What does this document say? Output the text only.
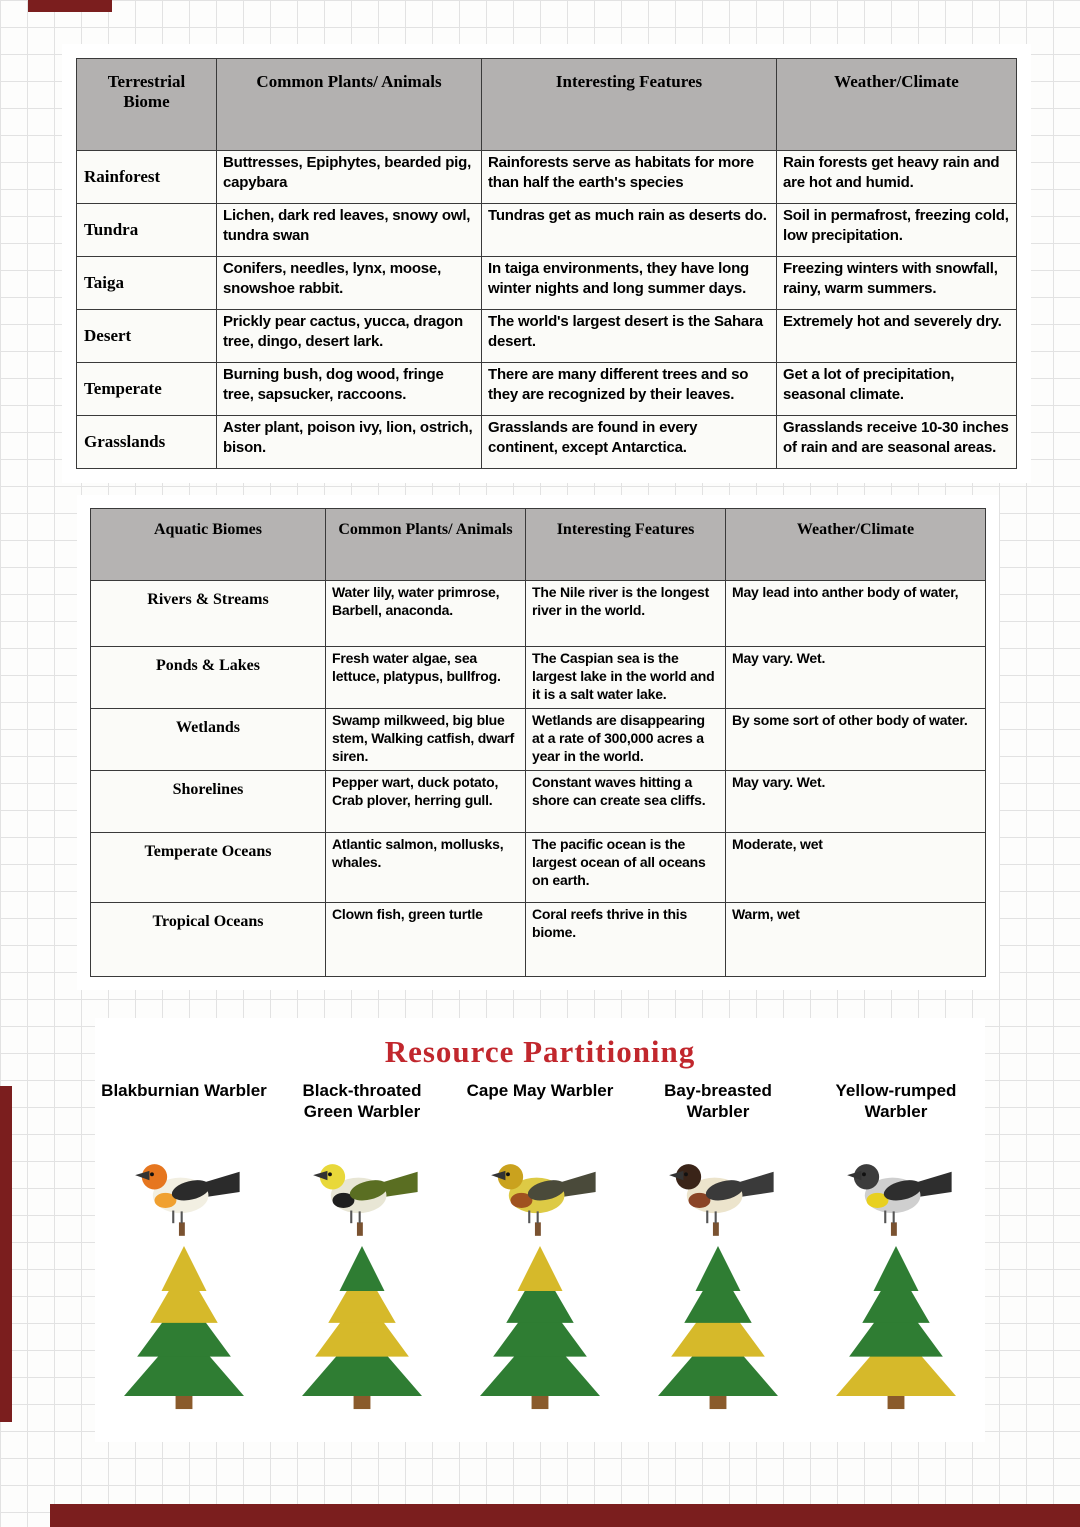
Terrestrial Biome	Common Plants/ Animals	Interesting Features	Weather/Climate
Rainforest	Buttresses, Epiphytes, bearded pig, capybara	Rainforests serve as habitats for more than half the earth's species	Rain forests get heavy rain and are hot and humid.
Tundra	Lichen, dark red leaves, snowy owl, tundra swan	Tundras get as much rain as deserts do.	Soil in permafrost, freezing cold, low precipitation.
Taiga	Conifers, needles, lynx, moose, snowshoe rabbit.	In taiga environments, they have long winter nights and long summer days.	Freezing winters with snowfall, rainy, warm summers.
Desert	Prickly pear cactus, yucca, dragon tree, dingo, desert lark.	The world's largest desert is the Sahara desert.	Extremely hot and severely dry.
Temperate	Burning bush, dog wood, fringe tree, sapsucker, raccoons.	There are many different trees and so they are recognized by their leaves.	Get a lot of precipitation, seasonal climate.
Grasslands	Aster plant, poison ivy, lion, ostrich, bison.	Grasslands are found in every continent, except Antarctica.	Grasslands receive 10-30 inches of rain and are seasonal areas.
Aquatic Biomes	Common Plants/ Animals	Interesting Features	Weather/Climate
Rivers & Streams	Water lily, water primrose, Barbell, anaconda.	The Nile river is the longest river in the world.	May lead into anther body of water,
Ponds & Lakes	Fresh water algae, sea lettuce, platypus, bullfrog.	The Caspian sea is the largest lake in the world and it is a salt water lake.	May vary. Wet.
Wetlands	Swamp milkweed, big blue stem, Walking catfish, dwarf siren.	Wetlands are disappearing at a rate of 300,000 acres a year in the world.	By some sort of other body of water.
Shorelines	Pepper wart, duck potato, Crab plover, herring gull.	Constant waves hitting a shore can create sea cliffs.	May vary. Wet.
Temperate Oceans	Atlantic salmon, mollusks, whales.	The pacific ocean is the largest ocean of all oceans on earth.	Moderate, wet
Tropical Oceans	Clown fish, green turtle	Coral reefs thrive in this biome.	Warm, wet
Resource Partitioning
Blakburnian Warbler	Black-throated Green Warbler
Cape May Warbler	Bay-breasted Warbler
Yellow-rumped Warbler
